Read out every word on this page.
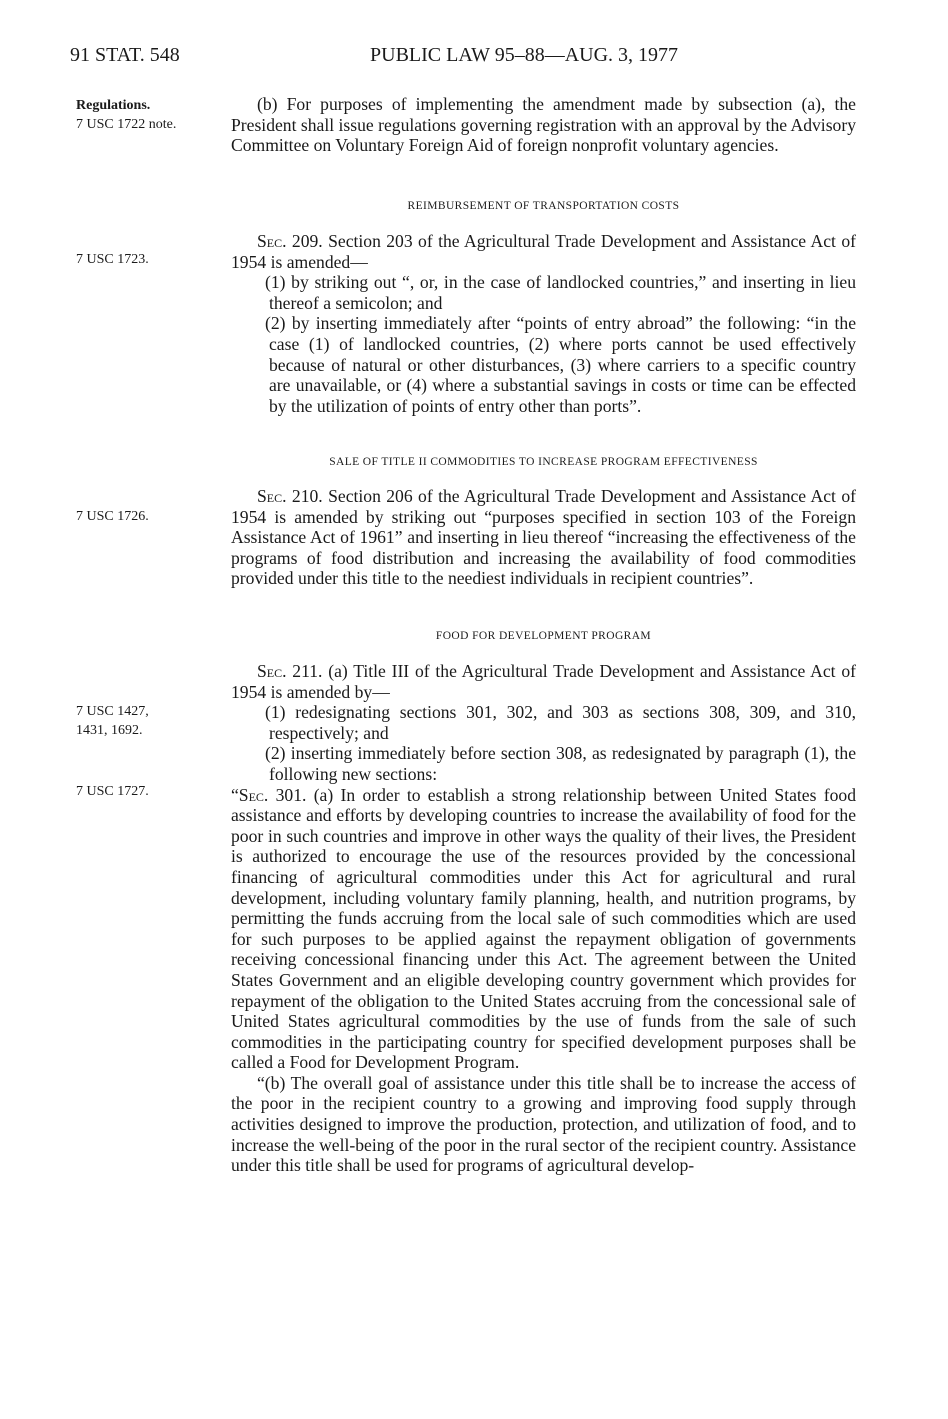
91 STAT. 548	PUBLIC LAW 95–88—AUG. 3, 1977
Regulations.
7 USC 1722 note.
7 USC 1723.
7 USC 1726.
7 USC 1427,
1431, 1692.
7 USC 1727.

(b) For purposes of implementing the amendment made by subsection (a), the President shall issue regulations governing registration with an approval by the Advisory Committee on Voluntary Foreign Aid of foreign nonprofit voluntary agencies.

REIMBURSEMENT OF TRANSPORTATION COSTS

Sec. 209. Section 203 of the Agricultural Trade Development and Assistance Act of 1954 is amended—

(1) by striking out “, or, in the case of landlocked countries,” and inserting in lieu thereof a semicolon; and

(2) by inserting immediately after “points of entry abroad” the following: “in the case (1) of landlocked countries, (2) where ports cannot be used effectively because of natural or other disturbances, (3) where carriers to a specific country are unavailable, or (4) where a substantial savings in costs or time can be effected by the utilization of points of entry other than ports”.

SALE OF TITLE II COMMODITIES TO INCREASE PROGRAM EFFECTIVENESS

Sec. 210. Section 206 of the Agricultural Trade Development and Assistance Act of 1954 is amended by striking out “purposes specified in section 103 of the Foreign Assistance Act of 1961” and inserting in lieu thereof “increasing the effectiveness of the programs of food distribution and increasing the availability of food commodities provided under this title to the neediest individuals in recipient countries”.

FOOD FOR DEVELOPMENT PROGRAM

Sec. 211. (a) Title III of the Agricultural Trade Development and Assistance Act of 1954 is amended by—

(1) redesignating sections 301, 302, and 303 as sections 308, 309, and 310, respectively; and

(2) inserting immediately before section 308, as redesignated by paragraph (1), the following new sections:

“Sec. 301. (a) In order to establish a strong relationship between United States food assistance and efforts by developing countries to increase the availability of food for the poor in such countries and improve in other ways the quality of their lives, the President is authorized to encourage the use of the resources provided by the concessional financing of agricultural commodities under this Act for agricultural and rural development, including voluntary family planning, health, and nutrition programs, by permitting the funds accruing from the local sale of such commodities which are used for such purposes to be applied against the repayment obligation of governments receiving concessional financing under this Act. The agreement between the United States Government and an eligible developing country government which provides for repayment of the obligation to the United States accruing from the concessional sale of United States agricultural commodities by the use of funds from the sale of such commodities in the participating country for specified development purposes shall be called a Food for Development Program.

“(b) The overall goal of assistance under this title shall be to increase the access of the poor in the recipient country to a growing and improving food supply through activities designed to improve the production, protection, and utilization of food, and to increase the well-being of the poor in the rural sector of the recipient country. Assistance under this title shall be used for programs of agricultural develop-
